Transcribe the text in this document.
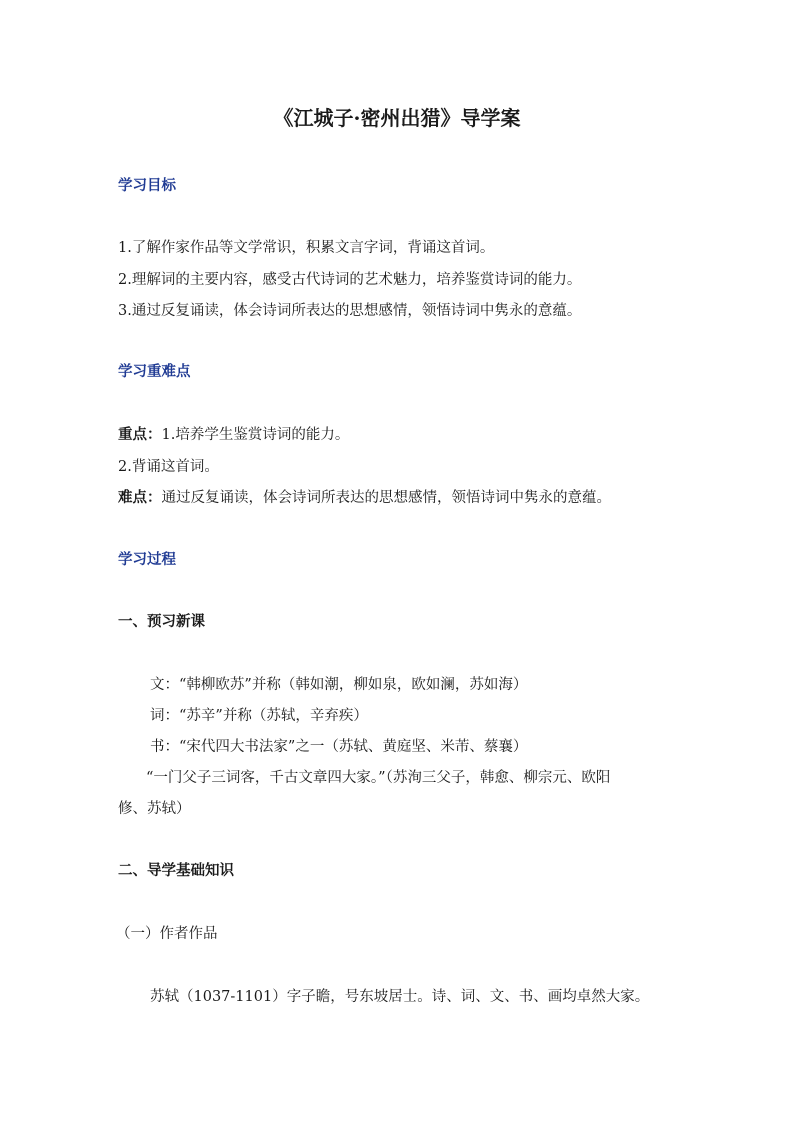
《江城子·密州出猎》导学案
学习目标
1.了解作家作品等文学常识，积累文言字词，背诵这首词。
2.理解词的主要内容，感受古代诗词的艺术魅力，培养鉴赏诗词的能力。
3.通过反复诵读，体会诗词所表达的思想感情，领悟诗词中隽永的意蕴。
学习重难点
重点：1.培养学生鉴赏诗词的能力。
2.背诵这首词。
难点：通过反复诵读，体会诗词所表达的思想感情，领悟诗词中隽永的意蕴。
学习过程
一、预习新课
文：“韩柳欧苏”并称（韩如潮，柳如泉，欧如澜，苏如海）
词：“苏辛”并称（苏轼，辛弃疾）
书：“宋代四大书法家”之一（苏轼、黄庭坚、米芾、蔡襄）
“一门父子三词客，千古文章四大家。”（苏洵三父子，韩愈、柳宗元、欧阳
修、苏轼）
二、导学基础知识
（一）作者作品
苏轼（1037-1101）字子瞻，号东坡居士。诗、词、文、书、画均卓然大家。
